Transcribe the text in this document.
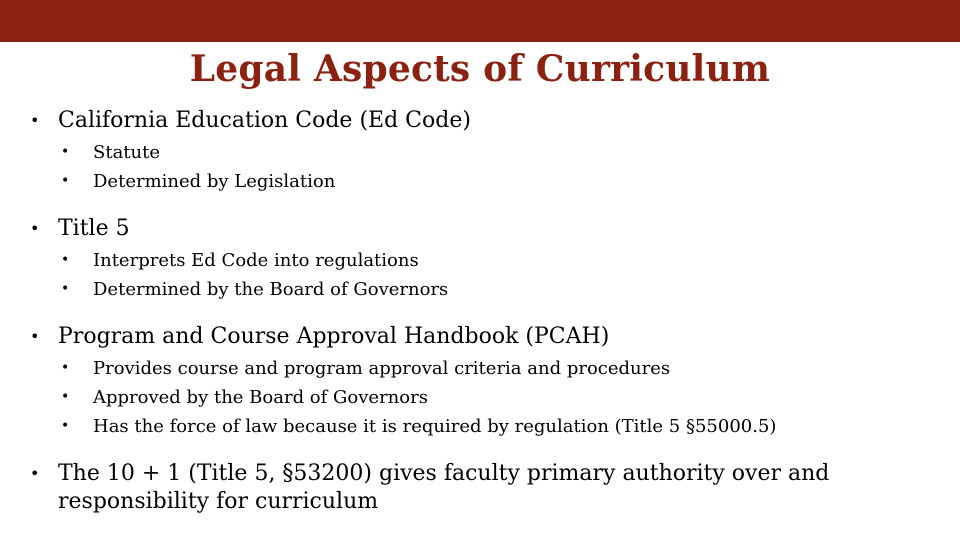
Legal Aspects of Curriculum
• California Education Code (Ed Code)
•	Statute
•	Determined by Legislation
• Title 5
•	Interprets Ed Code into regulations
•	Determined by the Board of Governors
• Program and Course Approval Handbook (PCAH)
•	Provides course and program approval criteria and procedures
•	Approved by the Board of Governors
•	Has the force of law because it is required by regulation (Title 5 §55000.5)
• The 10 + 1 (Title 5, §53200) gives faculty primary authority over and responsibility for curriculum
